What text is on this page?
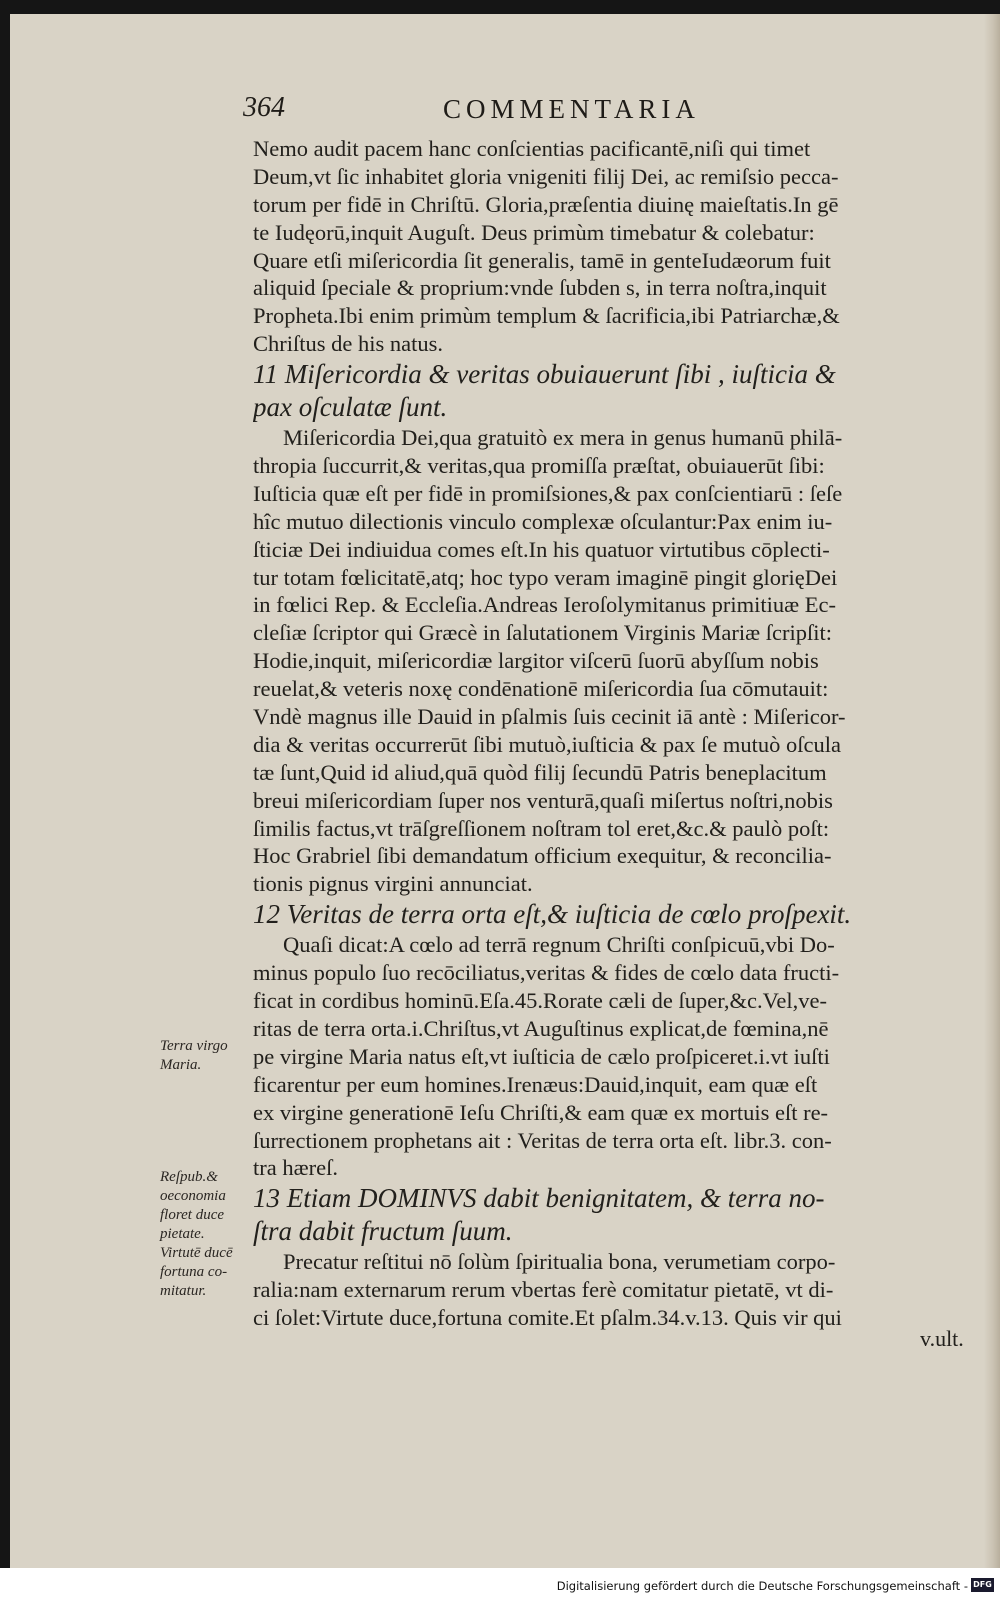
364	COMMENTARIA
Nemo audit pacem hanc conſcientias pacificantē,niſi qui timet
Deum,vt ſic inhabitet gloria vnigeniti filij Dei, ac remiſsio pecca-
torum per fidē in Chriſtū. Gloria,præſentia diuinę maieſtatis.In gē
te Iudęorū,inquit Auguſt. Deus primùm timebatur & colebatur:
Quare etſi miſericordia ſit generalis, tamē in genteIudæorum fuit
aliquid ſpeciale & proprium:vnde ſubden s, in terra noſtra,inquit
Propheta.Ibi enim primùm templum & ſacrificia,ibi Patriarchæ,&
Chriſtus de his natus.
11 Miſericordia & veritas obuiauerunt ſibi , iuſticia &
pax oſculatæ ſunt.
Miſericordia Dei,qua gratuitò ex mera in genus humanū philā-
thropia ſuccurrit,& veritas,qua promiſſa præſtat, obuiauerūt ſibi:
Iuſticia quæ eſt per fidē in promiſsiones,& pax conſcientiarū : ſeſe
hîc mutuo dilectionis vinculo complexæ oſculantur:Pax enim iu-
ſticiæ Dei indiuidua comes eſt.In his quatuor virtutibus cōplecti-
tur totam fœlicitatē,atq; hoc typo veram imaginē pingit glorięDei
in fœlici Rep. & Eccleſia.Andreas Ieroſolymitanus primitiuæ Ec-
cleſiæ ſcriptor qui Græcè in ſalutationem Virginis Mariæ ſcripſit:
Hodie,inquit, miſericordiæ largitor viſcerū ſuorū abyſſum nobis
reuelat,& veteris noxę condēnationē miſericordia ſua cōmutauit:
Vndè magnus ille Dauid in pſalmis ſuis cecinit iā antè : Miſericor-
dia & veritas occurrerūt ſibi mutuò,iuſticia & pax ſe mutuò oſcula
tæ ſunt,Quid id aliud,quā quòd filij ſecundū Patris beneplacitum
breui miſericordiam ſuper nos venturā,quaſi miſertus noſtri,nobis
ſimilis factus,vt trāſgreſſionem noſtram tol eret,&c.& paulò poſt:
Hoc Grabriel ſibi demandatum officium exequitur, & reconcilia-
tionis pignus virgini annunciat.
12 Veritas de terra orta eſt,& iuſticia de cœlo proſpexit.
Quaſi dicat:A cœlo ad terrā regnum Chriſti conſpicuū,vbi Do-
minus populo ſuo recōciliatus,veritas & fides de cœlo data fructi-
ficat in cordibus hominū.Eſa.45.Rorate cæli de ſuper,&c.Vel,ve-
ritas de terra orta.i.Chriſtus,vt Auguſtinus explicat,de fœmina,nē
pe virgine Maria natus eſt,vt iuſticia de cælo proſpiceret.i.vt iuſti
ficarentur per eum homines.Irenæus:Dauid,inquit, eam quæ eſt
ex virgine generationē Ieſu Chriſti,& eam quæ ex mortuis eſt re-
ſurrectionem prophetans ait : Veritas de terra orta eſt. libr.3. con-
tra hæreſ.
13 Etiam DOMINVS dabit benignitatem, & terra no-
ſtra dabit fructum ſuum.
Precatur reſtitui nō ſolùm ſpiritualia bona, verumetiam corpo-
ralia:nam externarum rerum vbertas ferè comitatur pietatē, vt di-
ci ſolet:Virtute duce,fortuna comite.Et pſalm.34.v.13. Quis vir qui
Terra virgo
Maria.
Reſpub.&
oeconomia
floret duce
pietate.
Virtutē ducē
fortuna co-
mitatur.
v.ult.
Digitalisierung gefördert durch die Deutsche Forschungsgemeinschaft - DFG
